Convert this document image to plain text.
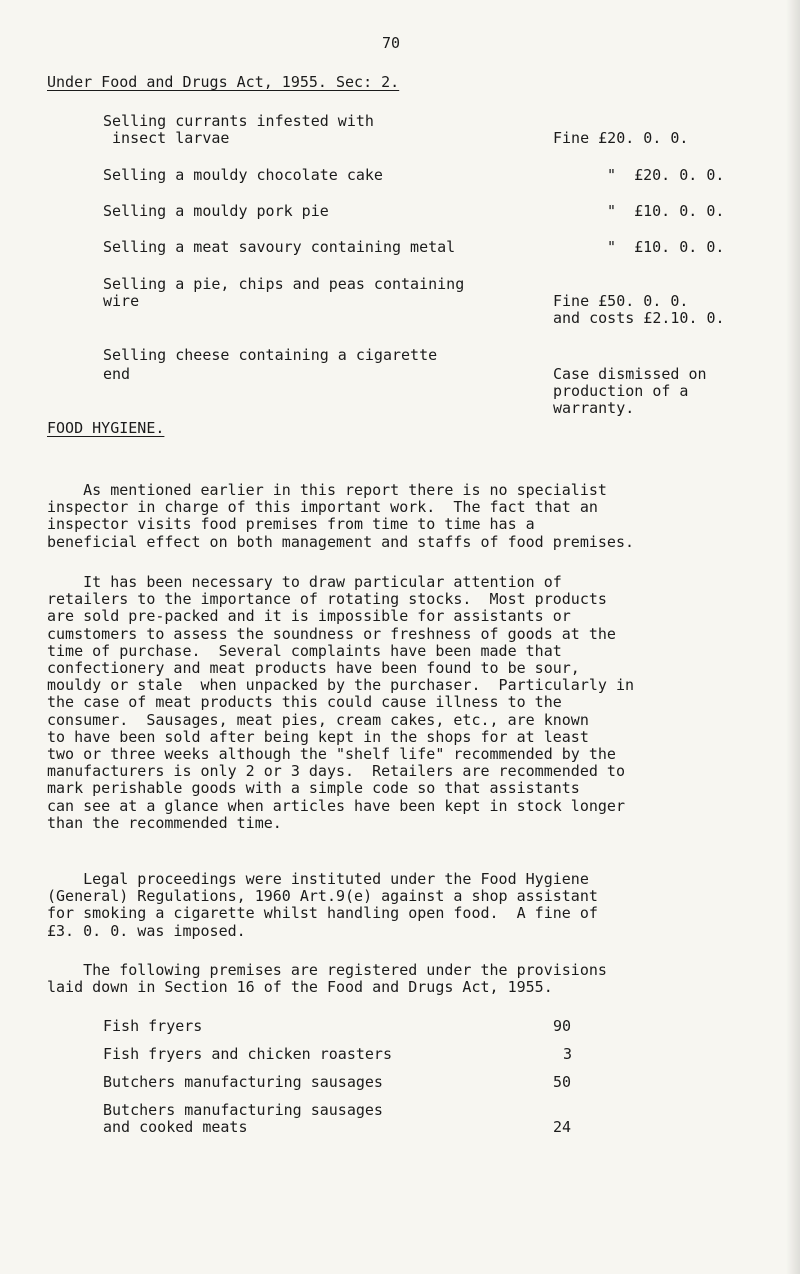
70
Under Food and Drugs Act, 1955. Sec: 2.
Selling currants infested with
insect larvae	Fine £20. 0. 0.
Selling a mouldy chocolate cake	"  £20. 0. 0.
Selling a mouldy pork pie	"  £10. 0. 0.
Selling a meat savoury containing metal	"  £10. 0. 0.
Selling a pie, chips and peas containing
wire	Fine £50. 0. 0.
and costs £2.10. 0.
Selling cheese containing a cigarette
end	Case dismissed on
production of a
warranty.
FOOD HYGIENE.
As mentioned earlier in this report there is no specialist
inspector in charge of this important work.  The fact that an
inspector visits food premises from time to time has a
beneficial effect on both management and staffs of food premises.
It has been necessary to draw particular attention of
retailers to the importance of rotating stocks.  Most products
are sold pre-packed and it is impossible for assistants or
cumstomers to assess the soundness or freshness of goods at the
time of purchase.  Several complaints have been made that
confectionery and meat products have been found to be sour,
mouldy or stale  when unpacked by the purchaser.  Particularly in
the case of meat products this could cause illness to the
consumer.  Sausages, meat pies, cream cakes, etc., are known
to have been sold after being kept in the shops for at least
two or three weeks although the "shelf life" recommended by the
manufacturers is only 2 or 3 days.  Retailers are recommended to
mark perishable goods with a simple code so that assistants
can see at a glance when articles have been kept in stock longer
than the recommended time.
Legal proceedings were instituted under the Food Hygiene
(General) Regulations, 1960 Art.9(e) against a shop assistant
for smoking a cigarette whilst handling open food.  A fine of
£3. 0. 0. was imposed.
The following premises are registered under the provisions
laid down in Section 16 of the Food and Drugs Act, 1955.
Fish fryers	90
Fish fryers and chicken roasters	3
Butchers manufacturing sausages	50
Butchers manufacturing sausages
and cooked meats	24
